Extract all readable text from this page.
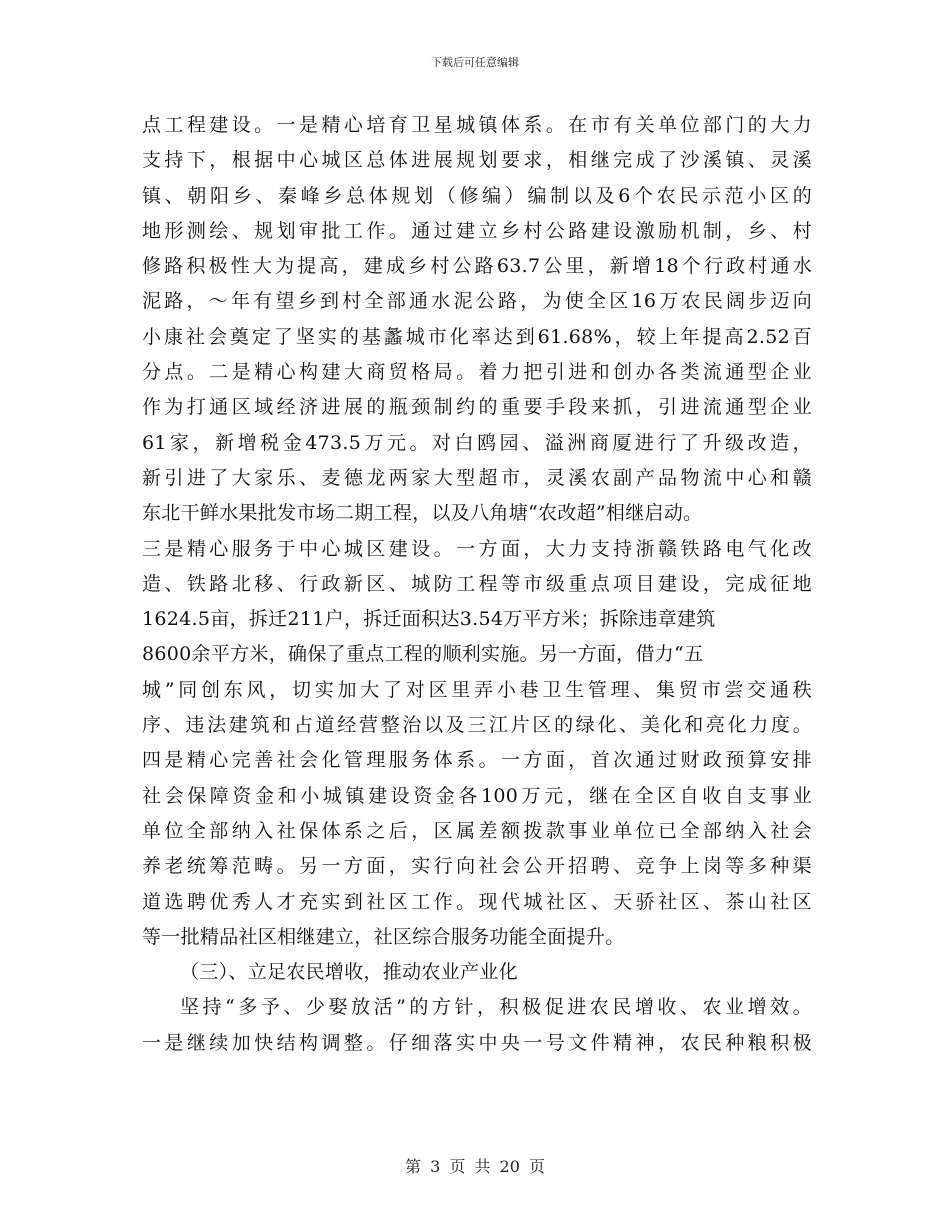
下载后可任意编辑
点工程建设。一是精心培育卫星城镇体系。在市有关单位部门的大力
支持下，根据中心城区总体进展规划要求，相继完成了沙溪镇、灵溪
镇、朝阳乡、秦峰乡总体规划（修编）编制以及6个农民示范小区的
地形测绘、规划审批工作。通过建立乡村公路建设激励机制，乡、村
修路积极性大为提高，建成乡村公路63.7公里，新增18个行政村通水
泥路，～年有望乡到村全部通水泥公路，为使全区16万农民阔步迈向
小康社会奠定了坚实的基蠡城市化率达到61.68%，较上年提高2.52百
分点。二是精心构建大商贸格局。着力把引进和创办各类流通型企业
作为打通区域经济进展的瓶颈制约的重要手段来抓，引进流通型企业
61家，新增税金473.5万元。对白鸥园、溢洲商厦进行了升级改造，
新引进了大家乐、麦德龙两家大型超市，灵溪农副产品物流中心和赣
东北干鲜水果批发市场二期工程，以及八角塘“农改超”相继启动。
三是精心服务于中心城区建设。一方面，大力支持浙赣铁路电气化改
造、铁路北移、行政新区、城防工程等市级重点项目建设，完成征地
1624.5亩，拆迁211户，拆迁面积达3.54万平方米；拆除违章建筑
8600余平方米，确保了重点工程的顺利实施。另一方面，借力“五
城”同创东风，切实加大了对区里弄小巷卫生管理、集贸市尝交通秩
序、违法建筑和占道经营整治以及三江片区的绿化、美化和亮化力度。
四是精心完善社会化管理服务体系。一方面，首次通过财政预算安排
社会保障资金和小城镇建设资金各100万元，继在全区自收自支事业
单位全部纳入社保体系之后，区属差额拨款事业单位已全部纳入社会
养老统筹范畴。另一方面，实行向社会公开招聘、竞争上岗等多种渠
道选聘优秀人才充实到社区工作。现代城社区、天骄社区、茶山社区
等一批精品社区相继建立，社区综合服务功能全面提升。
（三）、立足农民增收，推动农业产业化
坚持“多予、少娶放活”的方针，积极促进农民增收、农业增效。
一是继续加快结构调整。仔细落实中央一号文件精神，农民种粮积极
第 3 页 共 20 页
